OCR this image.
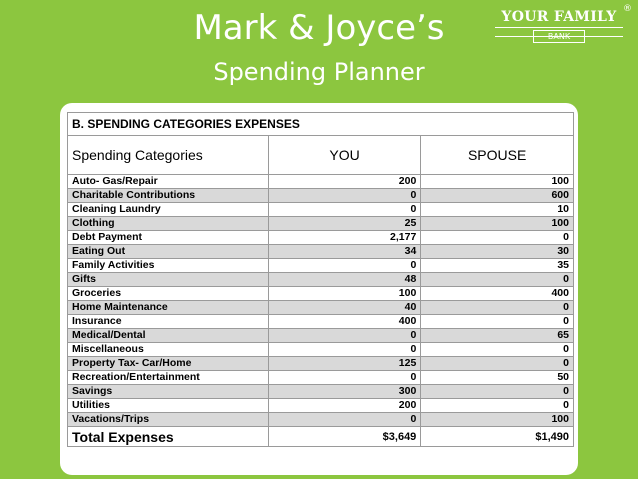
Mark & Joyce’s
Spending Planner
YOUR FAMILY
BANK
®
B. SPENDING CATEGORIES EXPENSES		
Spending Categories	YOU	SPOUSE
Auto- Gas/Repair	200	100
Charitable Contributions	0	600
Cleaning Laundry	0	10
Clothing	25	100
Debt Payment	2,177	0
Eating Out	34	30
Family Activities	0	35
Gifts	48	0
Groceries	100	400
Home Maintenance	40	0
Insurance	400	0
Medical/Dental	0	65
Miscellaneous	0	0
Property Tax- Car/Home	125	0
Recreation/Entertainment	0	50
Savings	300	0
Utilities	200	0
Vacations/Trips	0	100
Total Expenses	$3,649	$1,490
